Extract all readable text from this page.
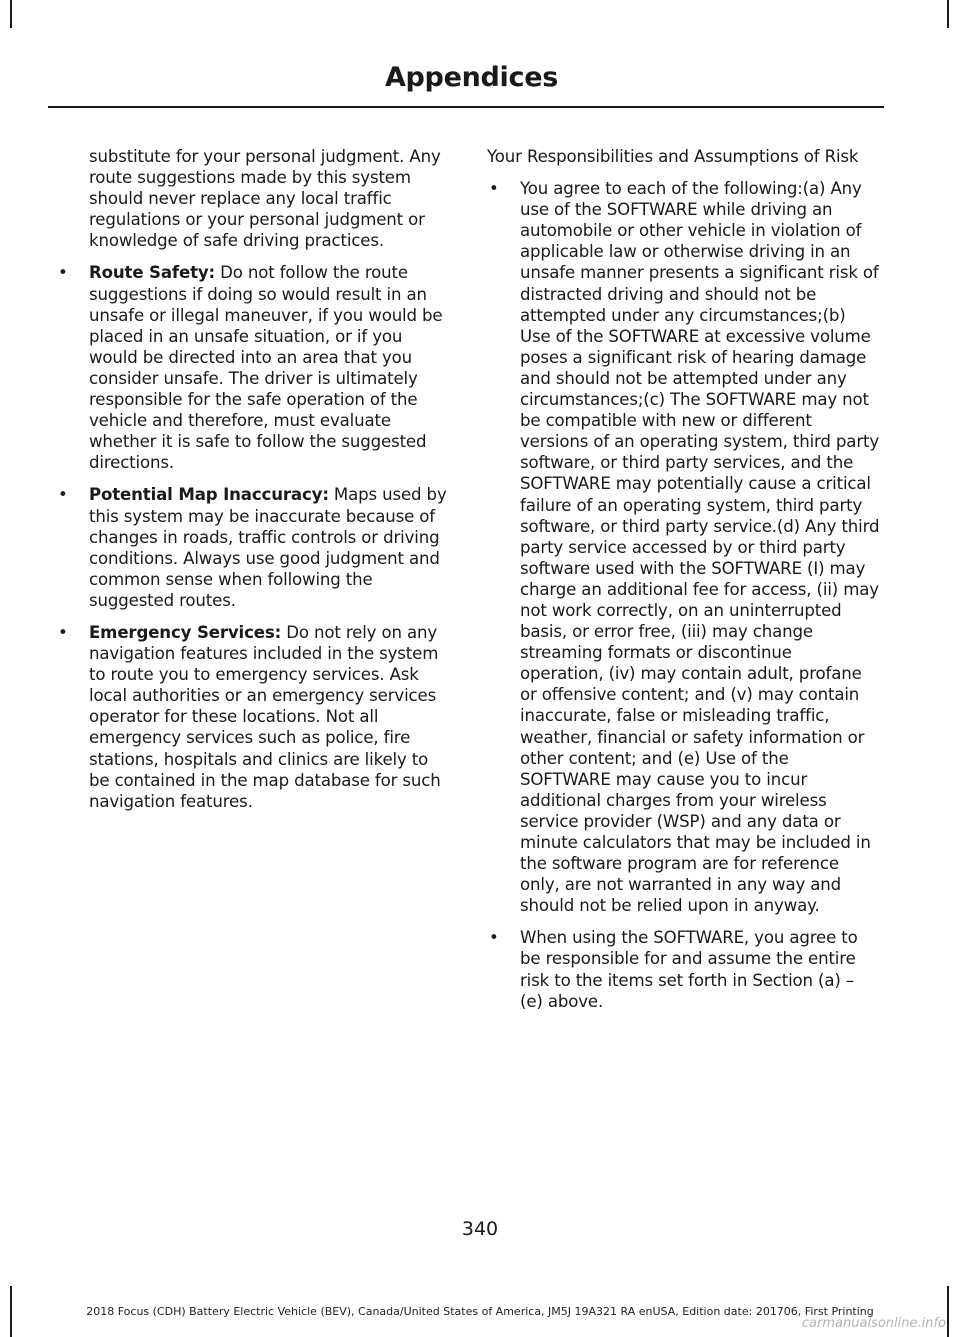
Appendices

substitute for your personal judgment. Any route suggestions made by this system should never replace any local traffic regulations or your personal judgment or knowledge of safe driving practices.

• Route Safety: Do not follow the route suggestions if doing so would result in an unsafe or illegal maneuver, if you would be placed in an unsafe situation, or if you would be directed into an area that you consider unsafe. The driver is ultimately responsible for the safe operation of the vehicle and therefore, must evaluate whether it is safe to follow the suggested directions.
• Potential Map Inaccuracy: Maps used by this system may be inaccurate because of changes in roads, traffic controls or driving conditions. Always use good judgment and common sense when following the suggested routes.
• Emergency Services: Do not rely on any navigation features included in the system to route you to emergency services. Ask local authorities or an emergency services operator for these locations. Not all emergency services such as police, fire stations, hospitals and clinics are likely to be contained in the map database for such navigation features.

Your Responsibilities and Assumptions of Risk

• You agree to each of the following:(a) Any use of the SOFTWARE while driving an automobile or other vehicle in violation of applicable law or otherwise driving in an unsafe manner presents a significant risk of distracted driving and should not be attempted under any circumstances;(b) Use of the SOFTWARE at excessive volume poses a significant risk of hearing damage and should not be attempted under any circumstances;(c) The SOFTWARE may not be compatible with new or different versions of an operating system, third party software, or third party services, and the SOFTWARE may potentially cause a critical failure of an operating system, third party software, or third party service.(d) Any third party service accessed by or third party software used with the SOFTWARE (I) may charge an additional fee for access, (ii) may not work correctly, on an uninterrupted basis, or error free, (iii) may change streaming formats or discontinue operation, (iv) may contain adult, profane or offensive content; and (v) may contain inaccurate, false or misleading traffic, weather, financial or safety information or other content; and (e) Use of the SOFTWARE may cause you to incur additional charges from your wireless service provider (WSP) and any data or minute calculators that may be included in the software program are for reference only, are not warranted in any way and should not be relied upon in anyway.
• When using the SOFTWARE, you agree to be responsible for and assume the entire risk to the items set forth in Section (a) – (e) above.
340
2018 Focus (CDH) Battery Electric Vehicle (BEV), Canada/United States of America, JM5J 19A321 RA enUSA, Edition date: 201706, First Printing
carmanualsonline.info
